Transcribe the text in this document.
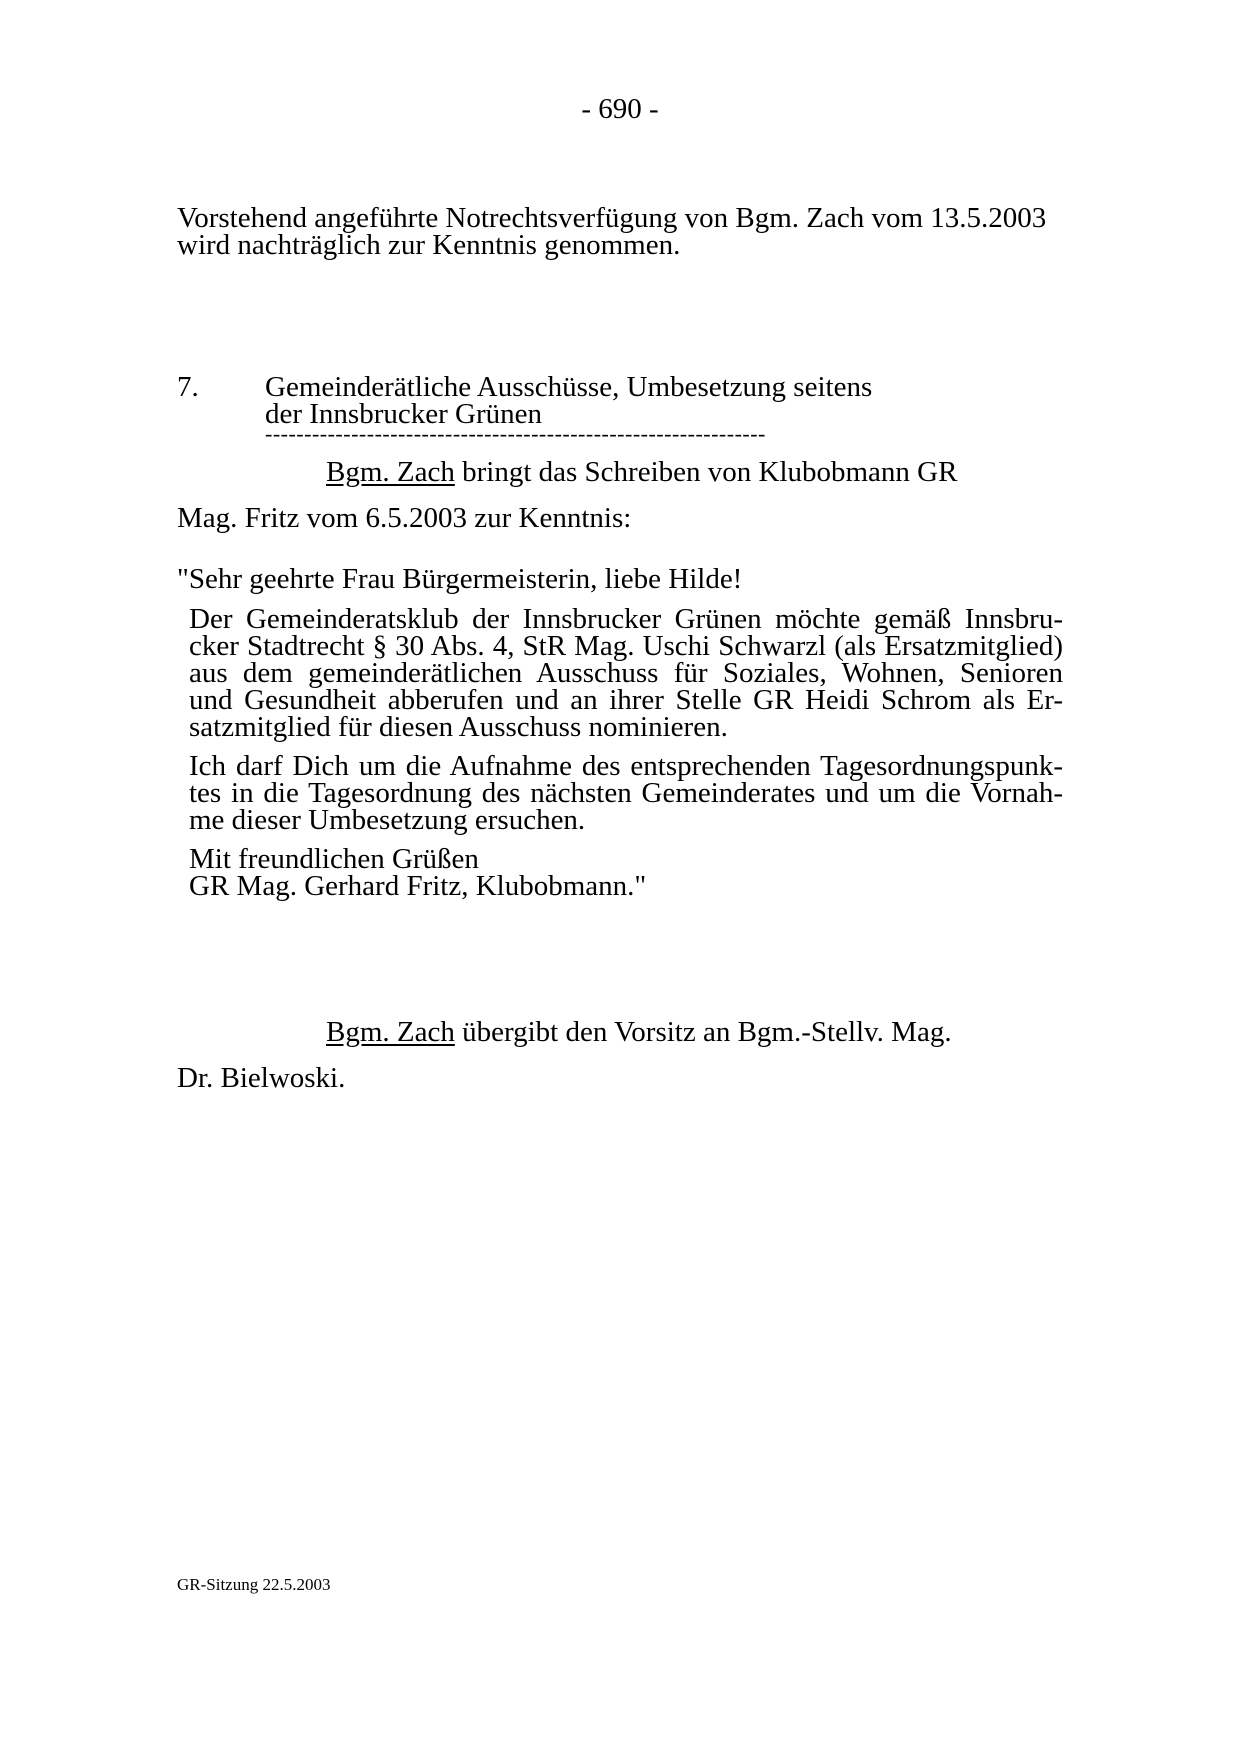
- 690 -
Vorstehend angeführte Notrechtsverfügung von Bgm. Zach vom 13.5.2003
wird nachträglich zur Kenntnis genommen.
7. Gemeinderätliche Ausschüsse, Umbesetzung seitens
der Innsbrucker Grünen
----------------------------------------------------------------
Bgm. Zach bringt das Schreiben von Klubobmann GR
Mag. Fritz vom 6.5.2003 zur Kenntnis:
"Sehr geehrte Frau Bürgermeisterin, liebe Hilde!

Der Gemeinderatsklub der Innsbrucker Grünen möchte gemäß Innsbru-
cker Stadtrecht § 30 Abs. 4, StR Mag. Uschi Schwarzl (als Ersatzmitglied)
aus dem gemeinderätlichen Ausschuss für Soziales, Wohnen, Senioren
und Gesundheit abberufen und an ihrer Stelle GR Heidi Schrom als Er-
satzmitglied für diesen Ausschuss nominieren.

Ich darf Dich um die Aufnahme des entsprechenden Tagesordnungspunk-
tes in die Tagesordnung des nächsten Gemeinderates und um die Vornah-
me dieser Umbesetzung ersuchen.

Mit freundlichen Grüßen
GR Mag. Gerhard Fritz, Klubobmann."

Bgm. Zach übergibt den Vorsitz an Bgm.-Stellv. Mag.
Dr. Bielwoski.
GR-Sitzung 22.5.2003
